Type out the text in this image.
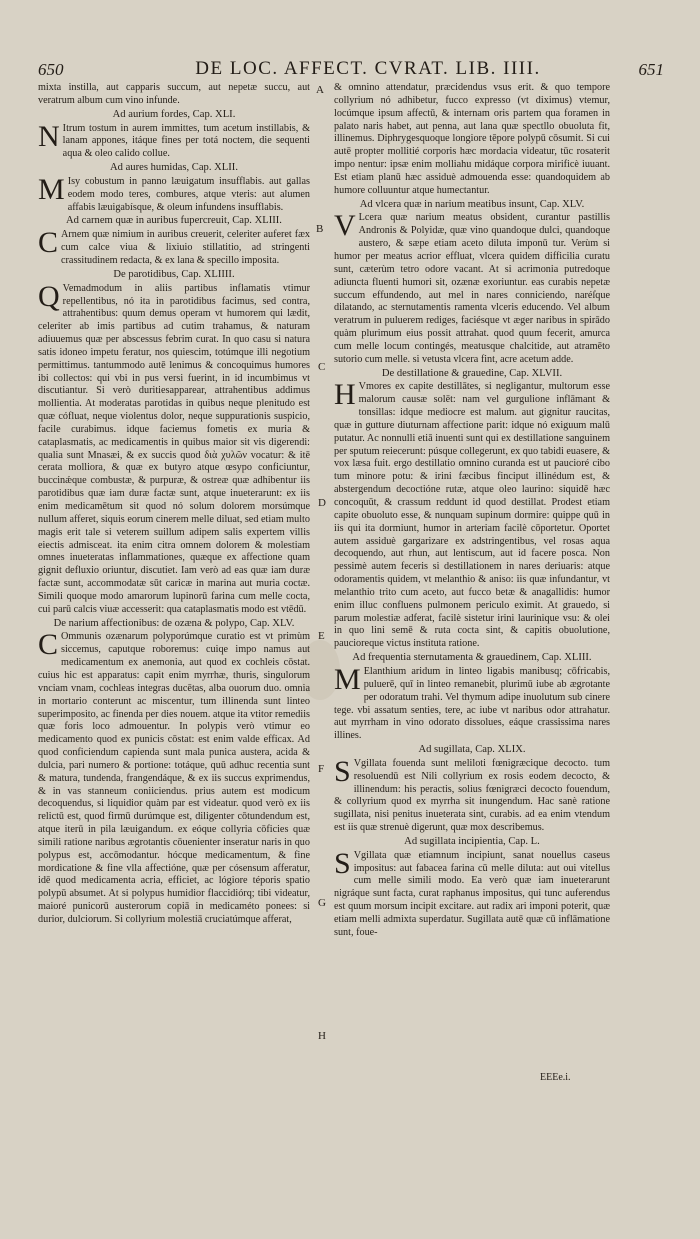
650	DE LOC. AFFECT. CVRAT. LIB. IIII.	651

mixta instilla, aut capparis succum, aut nepetæ succu, aut veratrum album cum vino infunde.

Ad aurium fordes, Cap. XLI.

N Itrum tostum in aurem immittes, tum acetum instillabis, & lanam appones, itáque fines per totá noctem, die sequenti aqua & oleo calido collue.

Ad aures humidas, Cap. XLII.

M Isy cobustum in panno læuigatum insufflabis. aut gallas eodem modo teres, combures, atque vteris: aut alumen affabis læuigabísque, & oleum infundens insufflabis.

Ad carnem quæ in auribus fupercreuit, Cap. XLIII.

C Arnem quæ nimium in auribus creuerit, celeriter auferet fæx cum calce viua & lixiuio stillatitio, ad stringenti crassitudinem redacta, & ex lana & specillo imposita.

De parotidibus, Cap. XLIIII.

Q Vemadmodum in aliis partibus inflamatis vtimur repellentibus, nó ita in parotidibus facimus, sed contra, attrahentibus: quum demus operam vt humorem qui lædit, celeriter ab imis partibus ad cutim trahamus, & naturam adiuuemus quæ per abscessus febrim curat. In quo casu si natura satis idoneo impetu feratur, nos quiescim, totúmque illi negotium permittimus. tantummodo autē lenimus & concoquimus humores ibi collectos: qui vbi in pus versi fuerint, in id incumbimus vt discutiantur. Si verò duritiesapparear, attrahentibus addimus mollientia. At moderatas parotidas in quibus neque plenitudo est quæ cófluat, neque violentus dolor, neque suppurationis suspicio, facile curabimus. idque faciemus fometis ex muria & cataplasmatis, ac medicamentis in quibus maior sit vis digerendi: qualia sunt Mnasæi, & ex succis quod διὰ χυλῶν vocatur: & itē cerata molliora, & quæ ex butyro atque œsypo conficiuntur, buccinǽque combustæ, & purpuræ, & ostreæ quæ adhibentur iis parotidibus quæ iam duræ factæ sunt, atque inueterarunt: ex iis enim medicamētum sit quod nó solum dolorem morsúmque nullum afferet, siquis eorum cinerem melle diluat, sed etiam multo magis erit tale si veterem suillum adipem salis expertem villis eiectis admisceat. ita enim citra omnem dolorem & molestiam omnes inueteratas inflammationes, quæque ex affectione quam gignit defluxio oriuntur, discutiet. Iam verò ad eas quæ iam duræ factæ sunt, accommodatæ sūt caricæ in marina aut muria coctæ. Simili quoque modo amarorum lupinorū farina cum melle cocta, cui parū calcis viuæ accesserit: qua cataplasmatis modo est vtēdū.

De narium affectionibus: de ozæna & polypo, Cap. XLV.

C Ommunis ozænarum polyporúmque curatio est vt primùm siccemus, caputque roboremus: cuiqe impo namus aut medicamentum ex anemonia, aut quod ex cochleis cōstat. cuius hic est apparatus: capit enim myrrhæ, thuris, singulorum vnciam vnam, cochleas integras ducētas, alba ouorum duo. omnia in mortario conterunt ac miscentur, tum illinenda sunt linteo superimposito, ac finenda per dies nouem. atque ita vtitor remediis quæ foris loco admouentur. In polypis verò vtimur eo medicamento quod ex punicis cōstat: est enim valde efficax. Ad quod conficiendum capienda sunt mala punica austera, acida & dulcia, pari numero & portione: totáque, quū adhuc recentia sunt & matura, tundenda, frangendáque, & ex iis succus exprimendus, & in vas stanneum coniiciendus. prius autem est modicum decoquendus, si liquidior quàm par est videatur. quod verò ex iis relictū est, quod firmū durúmque est, diligenter cōtundendum est, atque iterū in pila læuigandum. ex eóque collyria cōficies quæ simili ratione naribus ægrotantis cōuenienter inseratur naris in quo polypus est, accōmodantur. hócque medicamentum, & fine mordicatione & fine vlla affectióne, quæ per cósensum afferatur, idē quod medicamenta acria, efficiet, ac lógiore téporis spatio polypū absumet. At si polypus humidior flaccidiórq; tibi videatur, maioré punicorū austerorum copiā in medicaméto ponees: si durior, dulciorum. Si collyrium molestiā cruciatúmque afferat,

& omnino attendatur, præcidendus vsus erit. & quo tempore collyrium nó adhibetur, fucco expresso (vt diximus) vtemur, locúmque ipsum affectū, & internam oris partem qua foramen in palato naris habet, aut penna, aut lana quæ spectllo obuoluta fit, illinemus. Diphrygesquoque longiore tēpore polypū cōsumit. Si cui autē propter mollitié corporis hæc mordacia videatur, tūc rosaterit impo nentur: ipsæ enim molliahu midáque corpora mirificè iuuant. Est etiam planū hæc assiduè admouenda esse: quandoquidem ab humore colluuntur atque humectantur.

Ad vlcera quæ in narium meatibus insunt, Cap. XLV.

V Lcera quæ narium meatus obsident, curantur pastillis Andronis & Polyidæ, quæ vino quandoque dulci, quandoque austero, & sæpe etiam aceto diluta imponū tur. Verùm si humor per meatus acrior effluat, vlcera quidem difficilia curatu sunt, cæterùm tetro odore vacant. At si acrimonia putredoque adiuncta fluenti humori sit, ozænæ exoriuntur. eas curabis nepetæ succum effundendo, aut mel in nares conniciendo, naréſque dilatando, ac sternutamentis ramenta vlceris educendo. Vel album veratrum in puluerem rediges, faciésque vt æger naribus in spirādo quàm plurimum eius possit attrahat. quod quum fecerit, amurca cum melle locum contingés, meatusque chalcitide, aut atramēto sutorio cum melle. si vetusta vlcera fint, acre acetum adde.

De destillatione & grauedine, Cap. XLVII.

H Vmores ex capite destillātes, si negligantur, multorum esse malorum causæ solēt: nam vel gurgulione inflāmant & tonsillas: idque mediocre est malum. aut gignitur raucitas, quæ in gutture diuturnam affectione parit: idque nó exiguum malū putatur. Ac nonnulli etiā inuenti sunt qui ex destillatione sanguinem per sputum reiecerunt: púsque collegerunt, ex quo tabidi euasere, & vox læsa fuit. ergo destillatio omnino curanda est ut paucioré cibo tum minore potu: & irini fæcibus finciput illinédum est, & abstergendum decoctióne rutæ, atque oleo laurino: siquidē hæc concoquūt, & crassum reddunt id quod destillat. Prodest etiam capite obuoluto esse, & nunquam supinum dormire: quippe quū in iis qui ita dormiunt, humor in arteriam facilè cōportetur. Oportet autem assiduè gargarizare ex adstringentibus, vel rosas aqua decoquendo, aut rhun, aut lentiscum, aut id facere posca. Non pessimè autem feceris si destillationem in nares deriuaris: atque odoramentis quidem, vt melanthio & aniso: iis quæ infundantur, vt melanthio trito cum aceto, aut fucco betæ & anagallidis: humor enim illuc confluens pulmonem periculo eximit. At grauedo, si parum molestiæ adferat, facilè sistetur irini laurinique vsu: & olei in quo lini semē & ruta cocta sint, & capitis obuolutione, paucioreque victus instituta ratione.

Ad frequentia sternutamenta & grauedinem, Cap. XLIII.

M Elanthium aridum in linteo ligabis manibusq; cōfricabis, puluerē, quī in linteo remanebit, plurimū iube ab ægrotante per odoratum trahi. Vel thymum adipe inuolutum sub cinere tege. vbi assatum senties, tere, ac iube vt naribus odor attrahatur. aut myrrham in vino odorato dissolues, eáque crassissima nares illines.

Ad sugillata, Cap. XLIX.

S Vgillata fouenda sunt meliloti fœnigræcique decocto. tum resoluendū est Nili collyrium ex rosis eodem decocto, & illinendum: his peractis, solius fœnigræci decocto fouendum, & collyrium quod ex myrrha sit inungendum. Hac sanè ratione sugillata, nisi penitus inueterata sint, curabis. ad ea enim vtendum est iis quæ strenuè digerunt, quæ mox describemus.

Ad sugillata incipientia, Cap. L.

S Vgillata quæ etiamnum incipiunt, sanat nouellus caseus impositus: aut fabacea farina cū melle diluta: aut oui vitellus cum melle simili modo. Ea verò quæ iam inueterarunt nigráque sunt facta, curat raphanus impositus, qui tunc auferendus est quum morsum incipit excitare. aut radix ari imponi poterit, quæ etiam melli admixta superdatur. Sugillata autē quæ cū inflāmatione sunt, foue-

A
B
C
D
E
F
G
H
EEEe.i.
